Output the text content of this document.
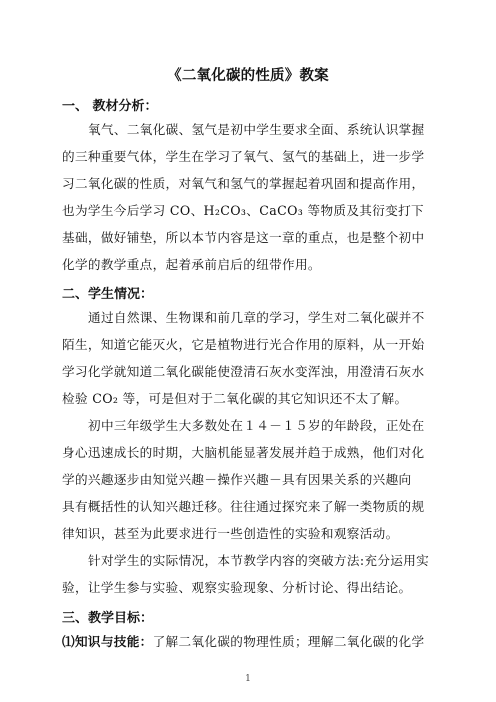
《二氧化碳的性质》教案
一、 教材分析：
氧气、二氧化碳、氢气是初中学生要求全面、系统认识掌握
的三种重要气体，学生在学习了氧气、氢气的基础上，进一步学
习二氧化碳的性质，对氧气和氢气的掌握起着巩固和提高作用，
也为学生今后学习 CO、H₂CO₃、CaCO₃ 等物质及其衍变打下
基础，做好铺垫，所以本节内容是这一章的重点，也是整个初中
化学的教学重点，起着承前启后的纽带作用。
二、学生情况：
通过自然课、生物课和前几章的学习，学生对二氧化碳并不
陌生，知道它能灭火，它是植物进行光合作用的原料，从一开始
学习化学就知道二氧化碳能使澄清石灰水变浑浊，用澄清石灰水
检验 CO₂ 等，可是但对于二氧化碳的其它知识还不太了解。
初中三年级学生大多数处在１４－１５岁的年龄段，正处在
身心迅速成长的时期，大脑机能显著发展并趋于成熟，他们对化
学的兴趣逐步由知觉兴趣－操作兴趣－具有因果关系的兴趣向
具有概括性的认知兴趣迁移。往往通过探究来了解一类物质的规
律知识，甚至为此要求进行一些创造性的实验和观察活动。
针对学生的实际情况，本节教学内容的突破方法:充分运用实
验，让学生参与实验、观察实验现象、分析讨论、得出结论。
三、教学目标：
⑴知识与技能：了解二氧化碳的物理性质；理解二氧化碳的化学
1
